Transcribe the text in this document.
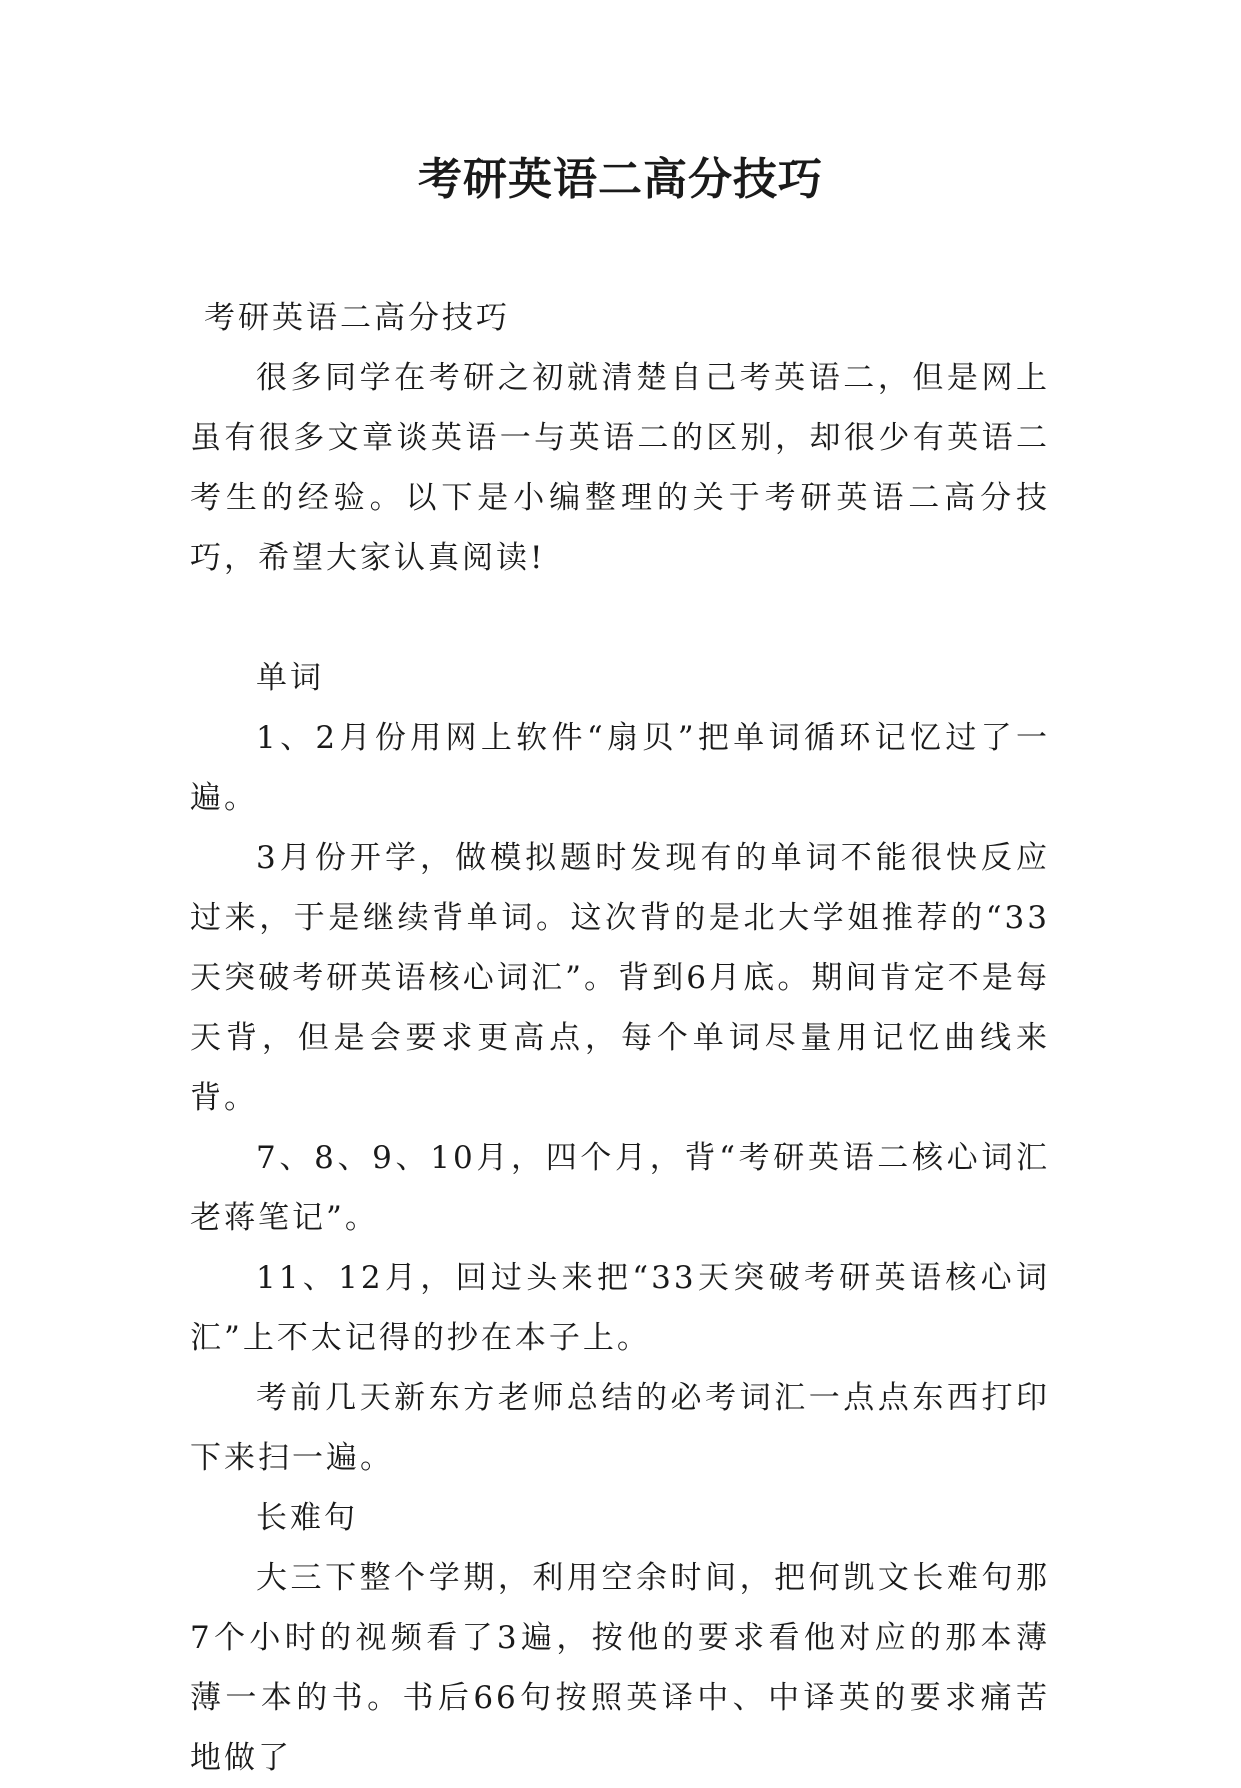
考研英语二高分技巧

考研英语二高分技巧

很多同学在考研之初就清楚自己考英语二，但是网上虽有很多文章谈英语一与英语二的区别，却很少有英语二考生的经验。以下是小编整理的关于考研英语二高分技巧，希望大家认真阅读!

单词

1、2月份用网上软件“扇贝”把单词循环记忆过了一遍。

3月份开学，做模拟题时发现有的单词不能很快反应过来，于是继续背单词。这次背的是北大学姐推荐的“33天突破考研英语核心词汇”。背到6月底。期间肯定不是每天背，但是会要求更高点，每个单词尽量用记忆曲线来背。

7、8、9、10月，四个月，背“考研英语二核心词汇老蒋笔记”。

11、12月，回过头来把“33天突破考研英语核心词汇”上不太记得的抄在本子上。

考前几天新东方老师总结的必考词汇一点点东西打印下来扫一遍。

长难句

大三下整个学期，利用空余时间，把何凯文长难句那7个小时的视频看了3遍，按他的要求看他对应的那本薄薄一本的书。书后66句按照英译中、中译英的要求痛苦地做了
